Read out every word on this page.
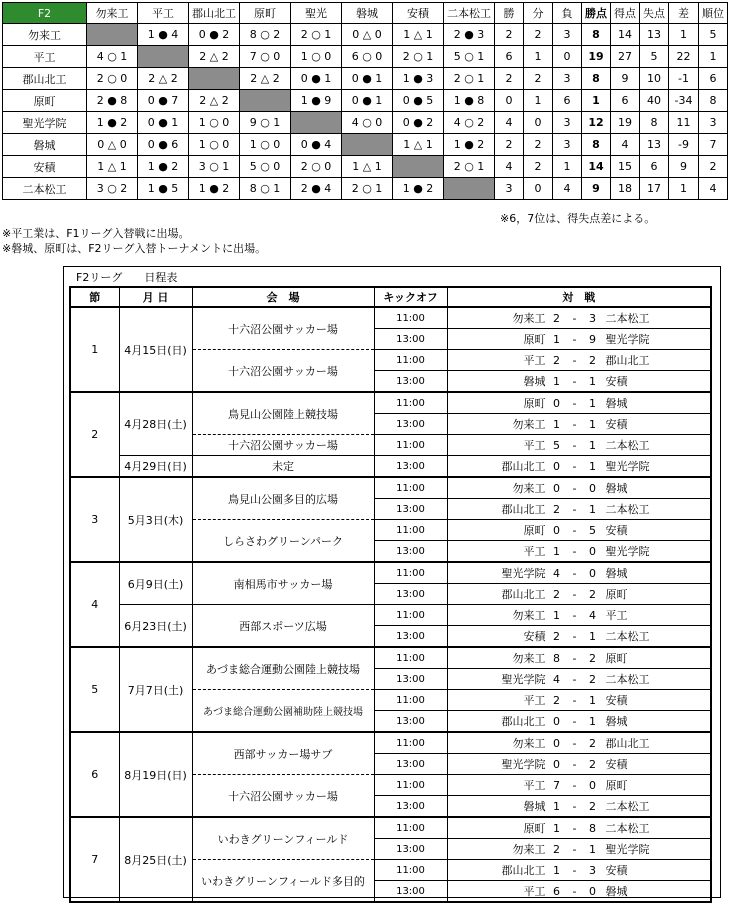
F2	勿来工	平工	郡山北工	原町	聖光	磐城	安積	二本松工	勝	分	負	勝点	得点	失点	差	順位
勿来工		1 ● 4	0 ● 2	8 ○ 2	2 ○ 1	0 △ 0	1 △ 1	2 ● 3	2	2	3	8	14	13	1	5
平工	4 ○ 1		2 △ 2	7 ○ 0	1 ○ 0	6 ○ 0	2 ○ 1	5 ○ 1	6	1	0	19	27	5	22	1
郡山北工	2 ○ 0	2 △ 2		2 △ 2	0 ● 1	0 ● 1	1 ● 3	2 ○ 1	2	2	3	8	9	10	-1	6
原町	2 ● 8	0 ● 7	2 △ 2		1 ● 9	0 ● 1	0 ● 5	1 ● 8	0	1	6	1	6	40	-34	8
聖光学院	1 ● 2	0 ● 1	1 ○ 0	9 ○ 1		4 ○ 0	0 ● 2	4 ○ 2	4	0	3	12	19	8	11	3
磐城	0 △ 0	0 ● 6	1 ○ 0	1 ○ 0	0 ● 4		1 △ 1	1 ● 2	2	2	3	8	4	13	-9	7
安積	1 △ 1	1 ● 2	3 ○ 1	5 ○ 0	2 ○ 0	1 △ 1		2 ○ 1	4	2	1	14	15	6	9	2
二本松工	3 ○ 2	1 ● 5	1 ● 2	8 ○ 1	2 ● 4	2 ○ 1	1 ● 2		3	0	4	9	18	17	1	4
※6，7位は、得失点差による。
※平工業は、F1リーグ入替戦に出場。
※磐城、原町は、F2リーグ入替トーナメントに出場。
F2リーグ　　日程表
節	月 日	会　場	キックオフ	対　戦
1	4月15日(日)	十六沼公園サッカー場	11:00	勿来工 2 - 3 二本松工

			13:00	原町 1 - 9 聖光学院

		十六沼公園サッカー場	11:00	平工 2 - 2 郡山北工

			13:00	磐城 1 - 1 安積

2	4月28日(土)	鳥見山公園陸上競技場	11:00	原町 0 - 1 磐城

			13:00	勿来工 1 - 1 安積

		十六沼公園サッカー場	11:00	平工 5 - 1 二本松工

	4月29日(日)	未定	13:00	郡山北工 0 - 1 聖光学院

3	5月3日(木)	鳥見山公園多目的広場	11:00	勿来工 0 - 0 磐城

			13:00	郡山北工 2 - 1 二本松工

		しらさわグリーンパーク	11:00	原町 0 - 5 安積

			13:00	平工 1 - 0 聖光学院

4	6月9日(土)	南相馬市サッカー場	11:00	聖光学院 4 - 0 磐城

			13:00	郡山北工 2 - 2 原町

	6月23日(土)	西部スポーツ広場	11:00	勿来工 1 - 4 平工

			13:00	安積 2 - 1 二本松工

5	7月7日(土)	あづま総合運動公園陸上競技場	11:00	勿来工 8 - 2 原町

			13:00	聖光学院 4 - 2 二本松工

		あづま総合運動公園補助陸上競技場	11:00	平工 2 - 1 安積

			13:00	郡山北工 0 - 1 磐城

6	8月19日(日)	西部サッカー場サブ	11:00	勿来工 0 - 2 郡山北工

			13:00	聖光学院 0 - 2 安積

		十六沼公園サッカー場	11:00	平工 7 - 0 原町

			13:00	磐城 1 - 2 二本松工

7	8月25日(土)	いわきグリーンフィールド	11:00	原町 1 - 8 二本松工

			13:00	勿来工 2 - 1 聖光学院

		いわきグリーンフィールド多目的	11:00	郡山北工 1 - 3 安積

			13:00	平工 6 - 0 磐城
